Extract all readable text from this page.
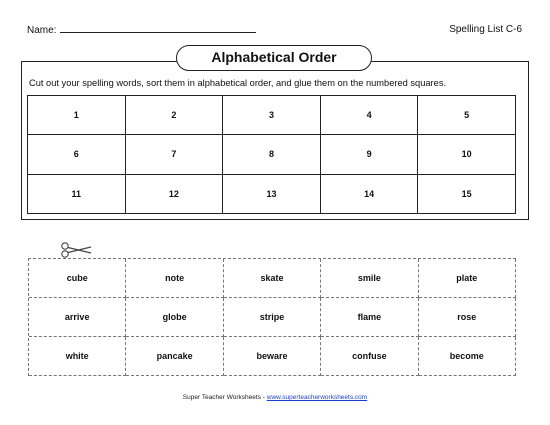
Name:	Spelling List C-6
Alphabetical Order
Cut out your spelling words, sort them in alphabetical order, and glue them on the numbered squares.
1	2	3	4	5
6	7	8	9	10
11	12	13	14	15
cube	note	skate	smile	plate
arrive	globe	stripe	flame	rose
white	pancake	beware	confuse	become
Super Teacher Worksheets - www.superteacherworksheets.com
